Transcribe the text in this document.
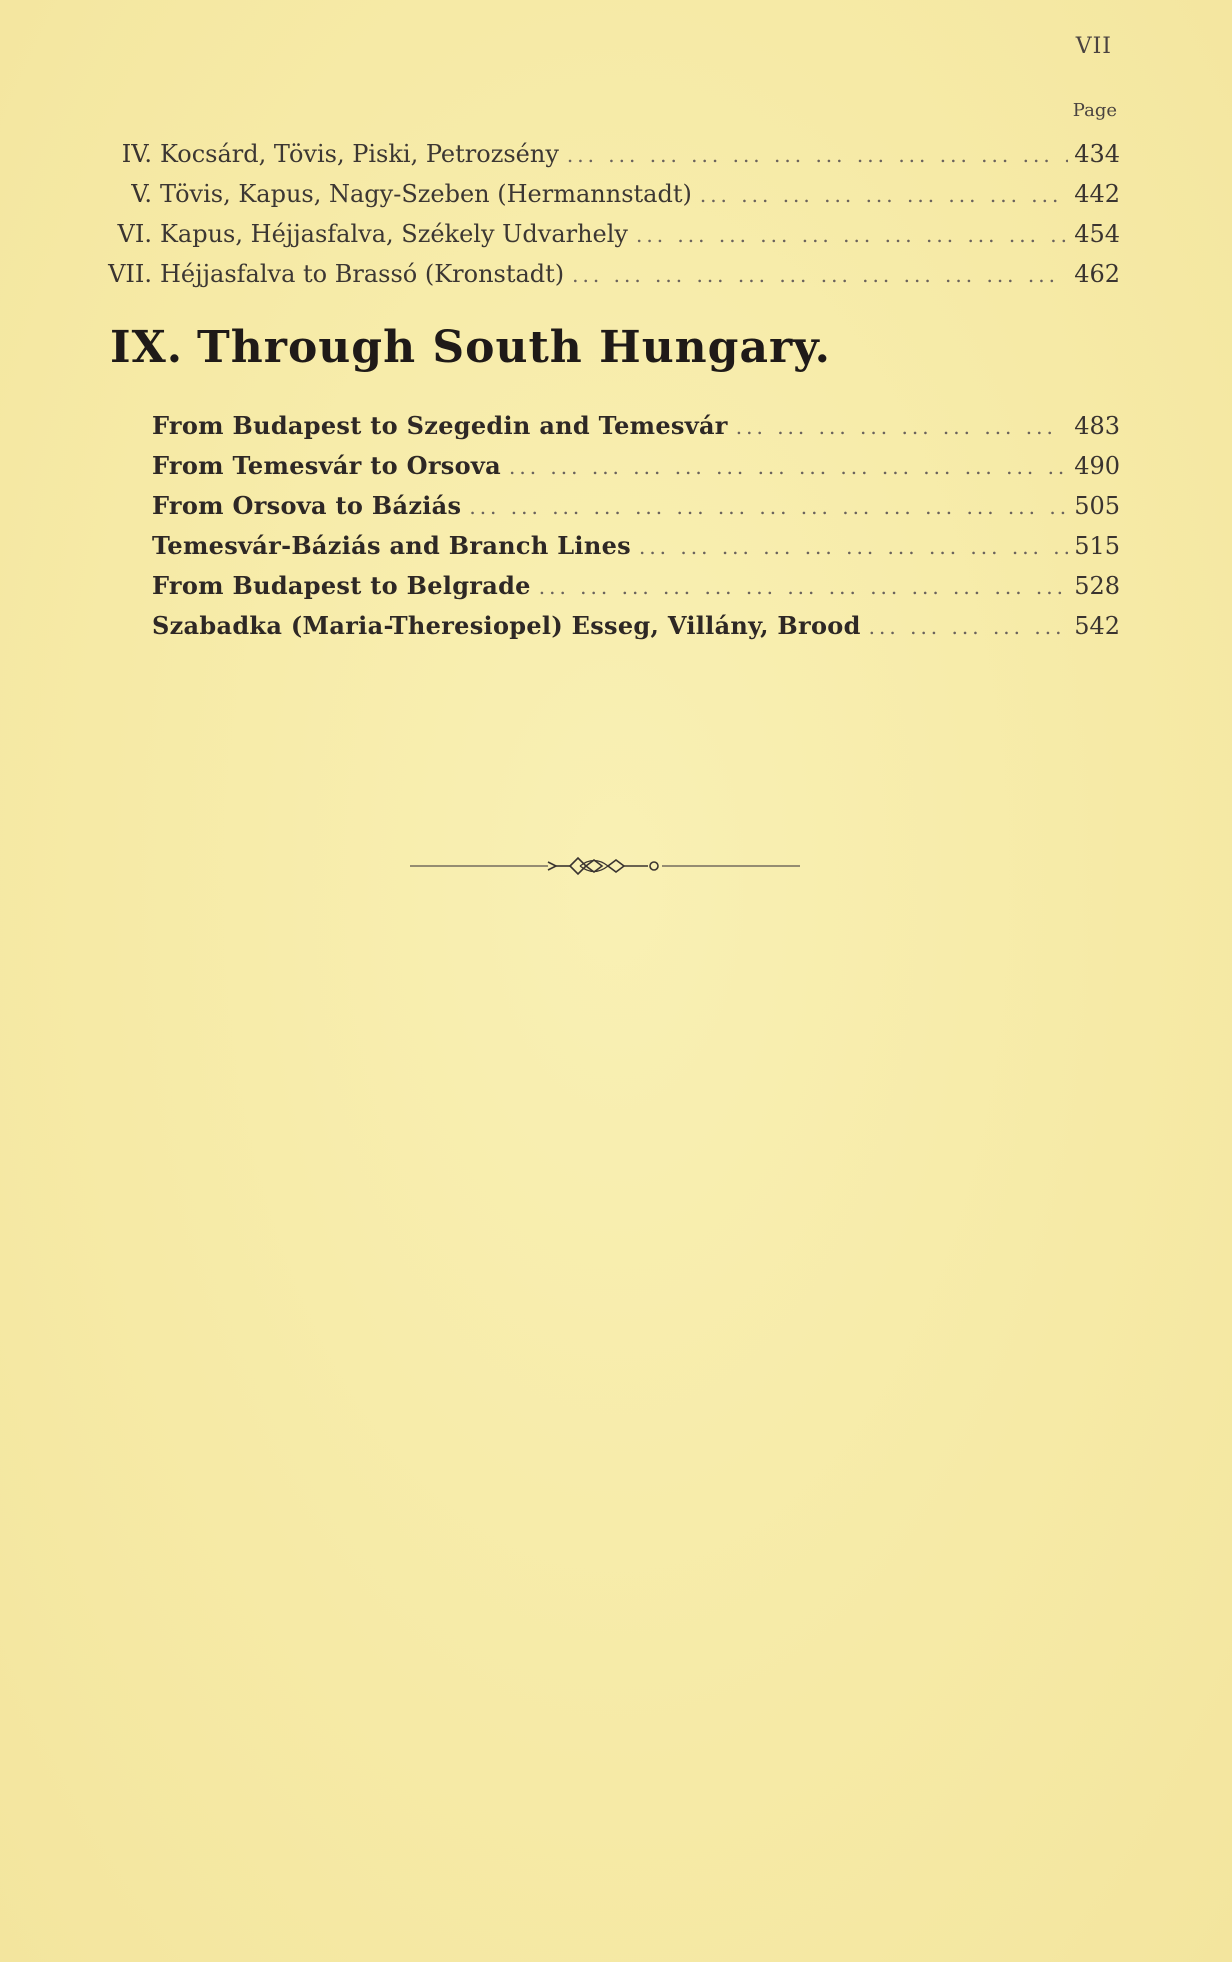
VII
Page
IV. Kocsárd, Tövis, Piski, Petrozsény ... .	434
V. Tövis, Kapus, Nagy-Szeben (Hermannstadt) ... .	442
VI. Kapus, Héjjasfalva, Székely Udvarhely ... .	454
VII. Héjjasfalva to Brassó (Kronstadt) ... .	462
IX. Through South Hungary.
From Budapest to Szegedin and Temesvár ... .	483
From Temesvár to Orsova ... .	490
From Orsova to Báziás ... .	505
Temesvár-Báziás and Branch Lines ... .	515
From Budapest to Belgrade ... .	528
Szabadka (Maria-Theresiopel) Esseg, Villány, Brood ... .	542
